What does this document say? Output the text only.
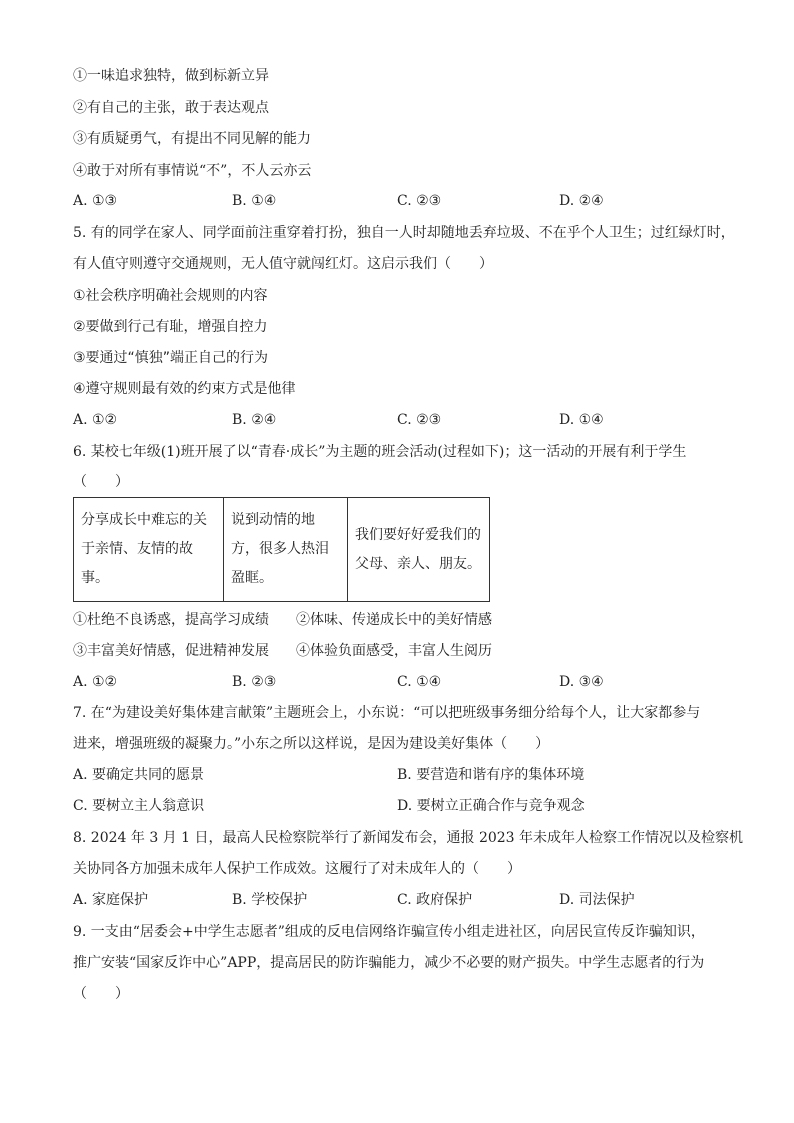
①一味追求独特，做到标新立异
②有自己的主张，敢于表达观点
③有质疑勇气，有提出不同见解的能力
④敢于对所有事情说“不”，不人云亦云
A. ①③	B. ①④	C. ②③	D. ②④
5. 有的同学在家人、同学面前注重穿着打扮，独自一人时却随地丢弃垃圾、不在乎个人卫生；过红绿灯时，
有人值守则遵守交通规则，无人值守就闯红灯。这启示我们（　　）
①社会秩序明确社会规则的内容
②要做到行己有耻，增强自控力
③要通过“慎独”端正自己的行为
④遵守规则最有效的约束方式是他律
A. ①②	B. ②④	C. ②③	D. ①④
6. 某校七年级(1)班开展了以“青春·成长”为主题的班会活动(过程如下)；这一活动的开展有利于学生
（　　）
分享成长中难忘的关
于亲情、友情的故
事。

说到动情的地
方，很多人热泪
盈眶。

我们要好好爱我们的
父母、亲人、朋友。
①杜绝不良诱惑，提高学习成绩 ②体味、传递成长中的美好情感
③丰富美好情感，促进精神发展 ④体验负面感受，丰富人生阅历
A. ①②	B. ②③	C. ①④	D. ③④
7. 在“为建设美好集体建言献策”主题班会上，小东说：“可以把班级事务细分给每个人，让大家都参与
进来，增强班级的凝聚力。”小东之所以这样说，是因为建设美好集体（　　）
A. 要确定共同的愿景	B. 要营造和谐有序的集体环境
C. 要树立主人翁意识	D. 要树立正确合作与竞争观念
8. 2024 年 3 月 1 日，最高人民检察院举行了新闻发布会，通报 2023 年未成年人检察工作情况以及检察机
关协同各方加强未成年人保护工作成效。这履行了对未成年人的（　　）
A. 家庭保护	B. 学校保护	C. 政府保护	D. 司法保护
9. 一支由“居委会+中学生志愿者”组成的反电信网络诈骗宣传小组走进社区，向居民宣传反诈骗知识，
推广安装“国家反诈中心”APP，提高居民的防诈骗能力，减少不必要的财产损失。中学生志愿者的行为
（　　）
